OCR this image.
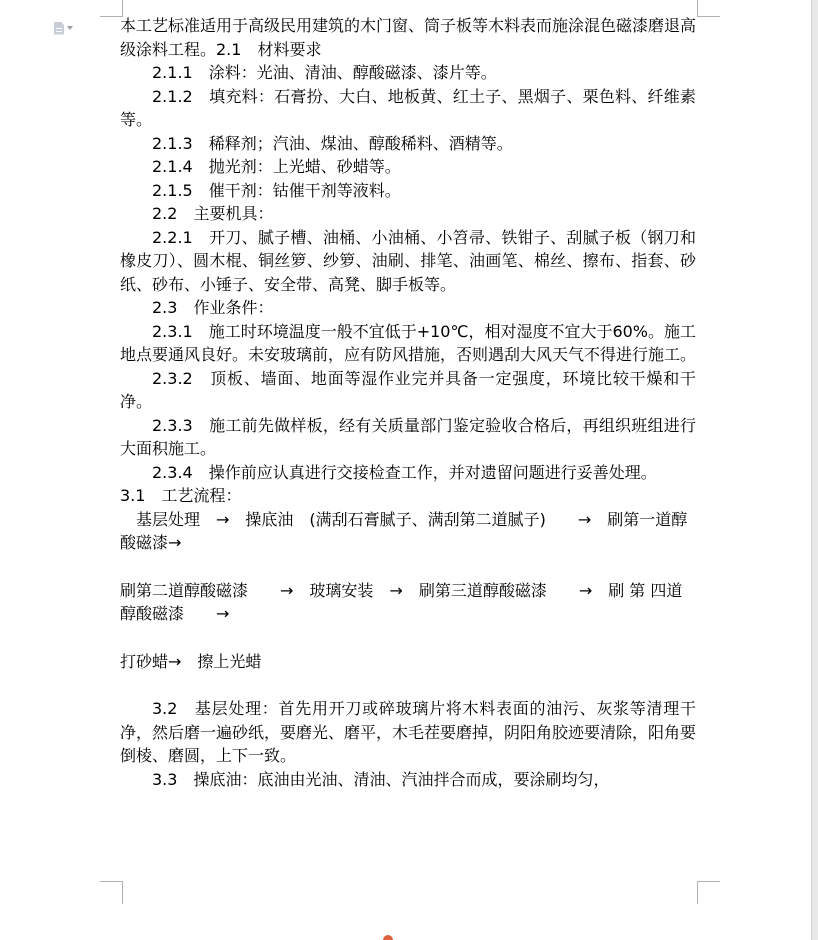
本工艺标准适用于高级民用建筑的木门窗、筒子板等木料表而施涂混色磁漆磨退高级涂料工程。2.1　材料要求

2.1.1　涂料：光油、清油、醇酸磁漆、漆片等。

2.1.2　填充料：石膏扮、大白、地板黄、红土子、黑烟子、栗色料、纤维素等。

2.1.3　稀释剂；汽油、煤油、醇酸稀料、酒精等。

2.1.4　抛光剂：上光蜡、砂蜡等。

2.1.5　催干剂：钴催干剂等液料。

2.2　主要机具：

2.2.1　开刀、腻子槽、油桶、小油桶、小笤帚、铁钳子、刮腻子板（钢刀和橡皮刀）、圆木棍、铜丝箩、纱箩、油刷、排笔、油画笔、棉丝、擦布、指套、砂纸、砂布、小锤子、安全带、高凳、脚手板等。

2.3　作业条件：

2.3.1　施工时环境温度一般不宜低于+10℃，相对湿度不宜大于60%。施工地点要通风良好。未安玻璃前，应有防风措施，否则遇刮大风天气不得进行施工。

2.3.2　顶板、墙面、地面等湿作业完并具备一定强度，环境比较干燥和干净。

2.3.3　施工前先做样板，经有关质量部门鉴定验收合格后，再组织班组进行大面积施工。

2.3.4　操作前应认真进行交接检查工作，并对遗留问题进行妥善处理。

3.1　工艺流程：

　基层处理　→　操底油　(满刮石膏腻子、满刮第二道腻子)　　→　刷第一道醇酸磁漆→

刷第二道醇酸磁漆　　→　玻璃安装　→　刷第三道醇酸磁漆　　→　刷 第 四道醇酸磁漆　　→

打砂蜡→　擦上光蜡

3.2　基层处理：首先用开刀或碎玻璃片将木料表面的油污、灰浆等清理干净，然后磨一遍砂纸，要磨光、磨平，木毛茬要磨掉，阴阳角胶迹要清除，阳角要倒棱、磨圆，上下一致。

3.3　操底油：底油由光油、清油、汽油拌合而成，要涂刷均匀，
